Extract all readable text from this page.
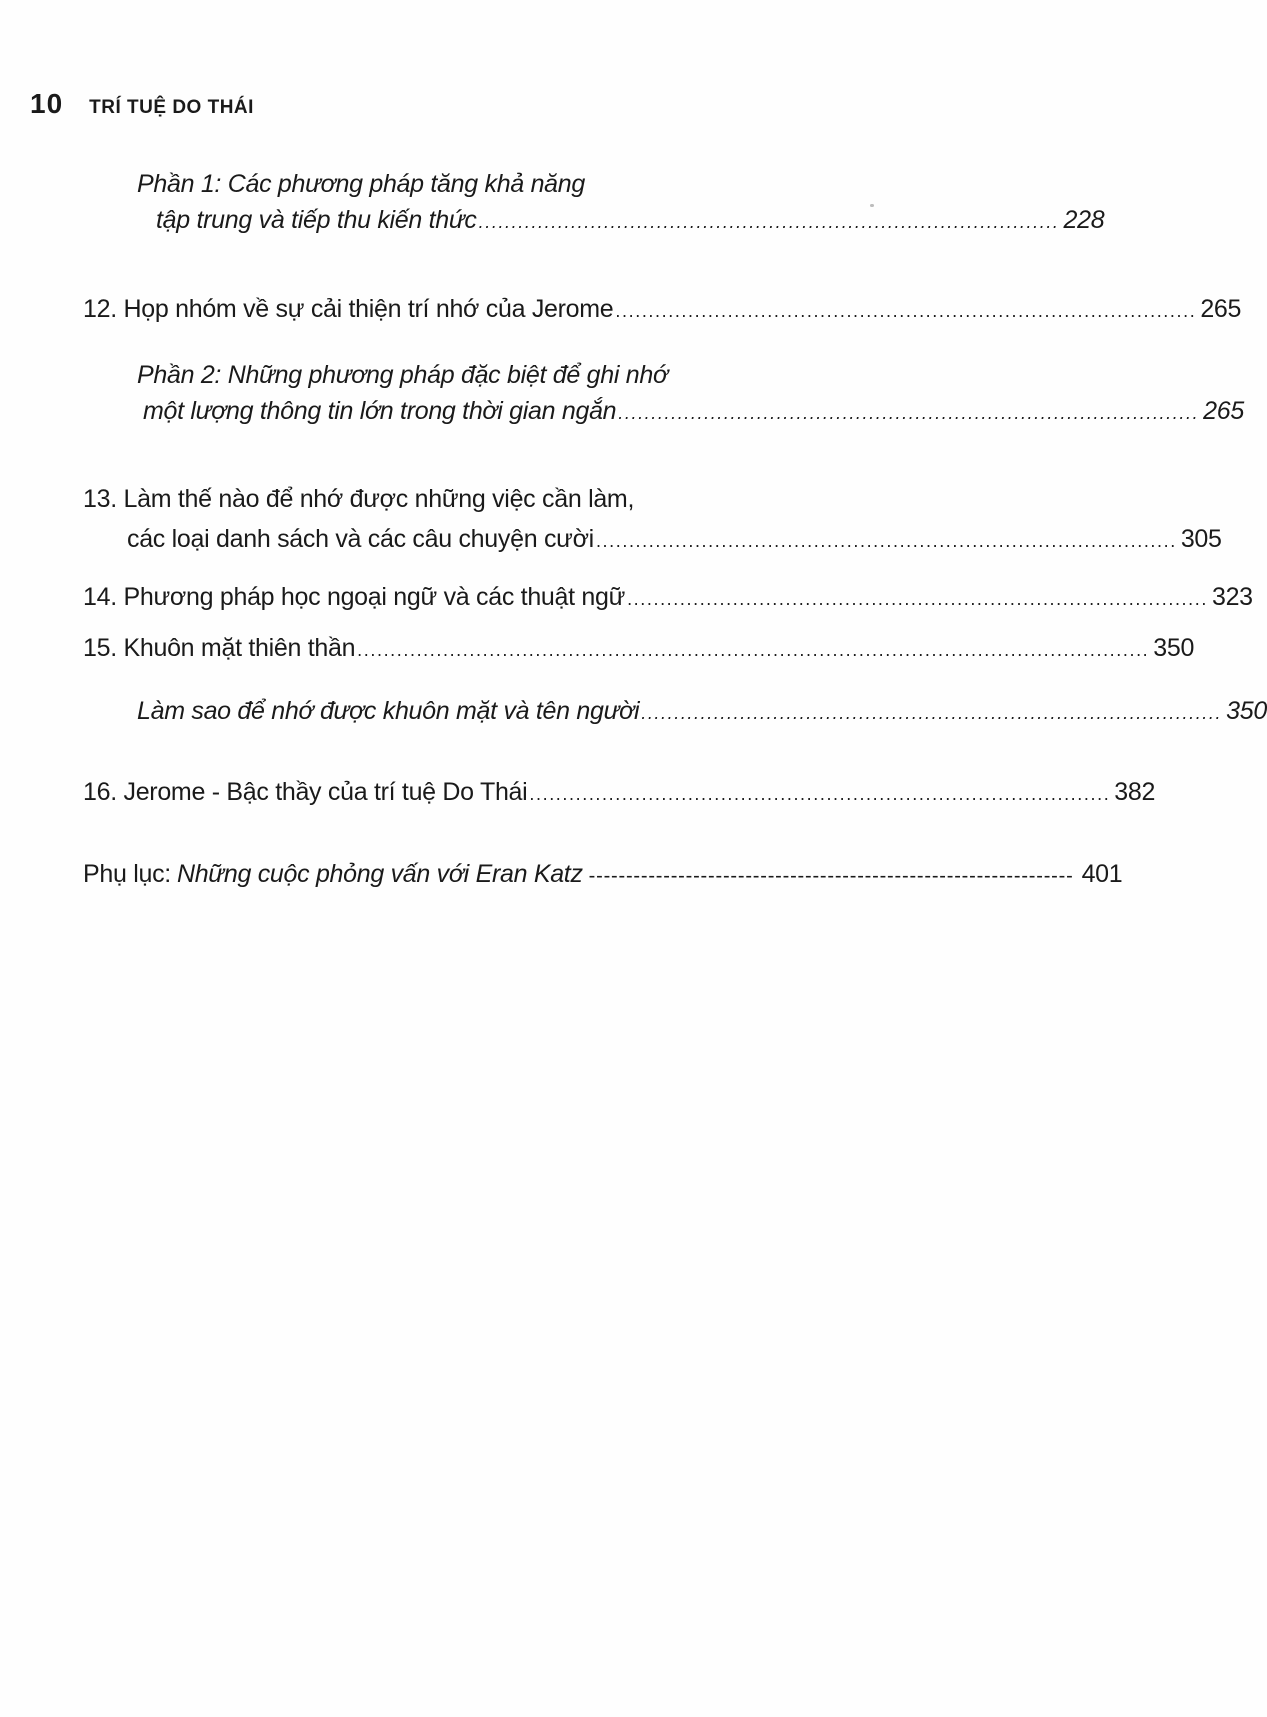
10 TRÍ TUỆ DO THÁI
Phần 1: Các phương pháp tăng khả năng
tập trung và tiếp thu kiến thức ........................................................................................ 228
12. Họp nhóm về sự cải thiện trí nhớ của Jerome ........................................................................................ 265
Phần 2: Những phương pháp đặc biệt để ghi nhớ
một lượng thông tin lớn trong thời gian ngắn ........................................................................................ 265
13. Làm thế nào để nhớ được những việc cần làm,
các loại danh sách và các câu chuyện cười ........................................................................................ 305
14. Phương pháp học ngoại ngữ và các thuật ngữ ........................................................................................ 323
15. Khuôn mặt thiên thần ........................................................................................................................ 350
Làm sao để nhớ được khuôn mặt và tên người ........................................................................................ 350
16. Jerome - Bậc thầy của trí tuệ Do Thái ........................................................................................ 382
Phụ lục: Những cuộc phỏng vấn với Eran Katz ----------------------------------------------------------------- 401
